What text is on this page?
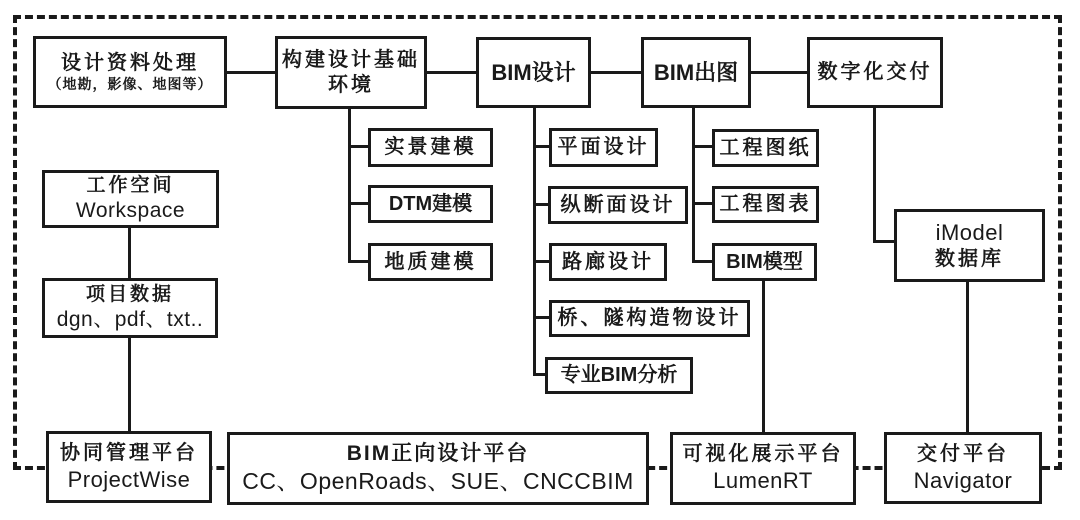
设计资料处理
（地勘，影像、地图等）
构建设计基础
环境	BIM设计	BIM出图	数字化交付
工作空间
Workspace
项目数据
dgn、pdf、txt..
实景建模
DTM建模
地质建模
平面设计
纵断面设计
路廊设计
桥、隧构造物设计
专业BIM分析
工程图纸
工程图表
BIM模型
iModel
数据库
协同管理平台
ProjectWise
BIM正向设计平台
CC、OpenRoads、SUE、CNCCBIM
可视化展示平台
LumenRT
交付平台
Navigator
